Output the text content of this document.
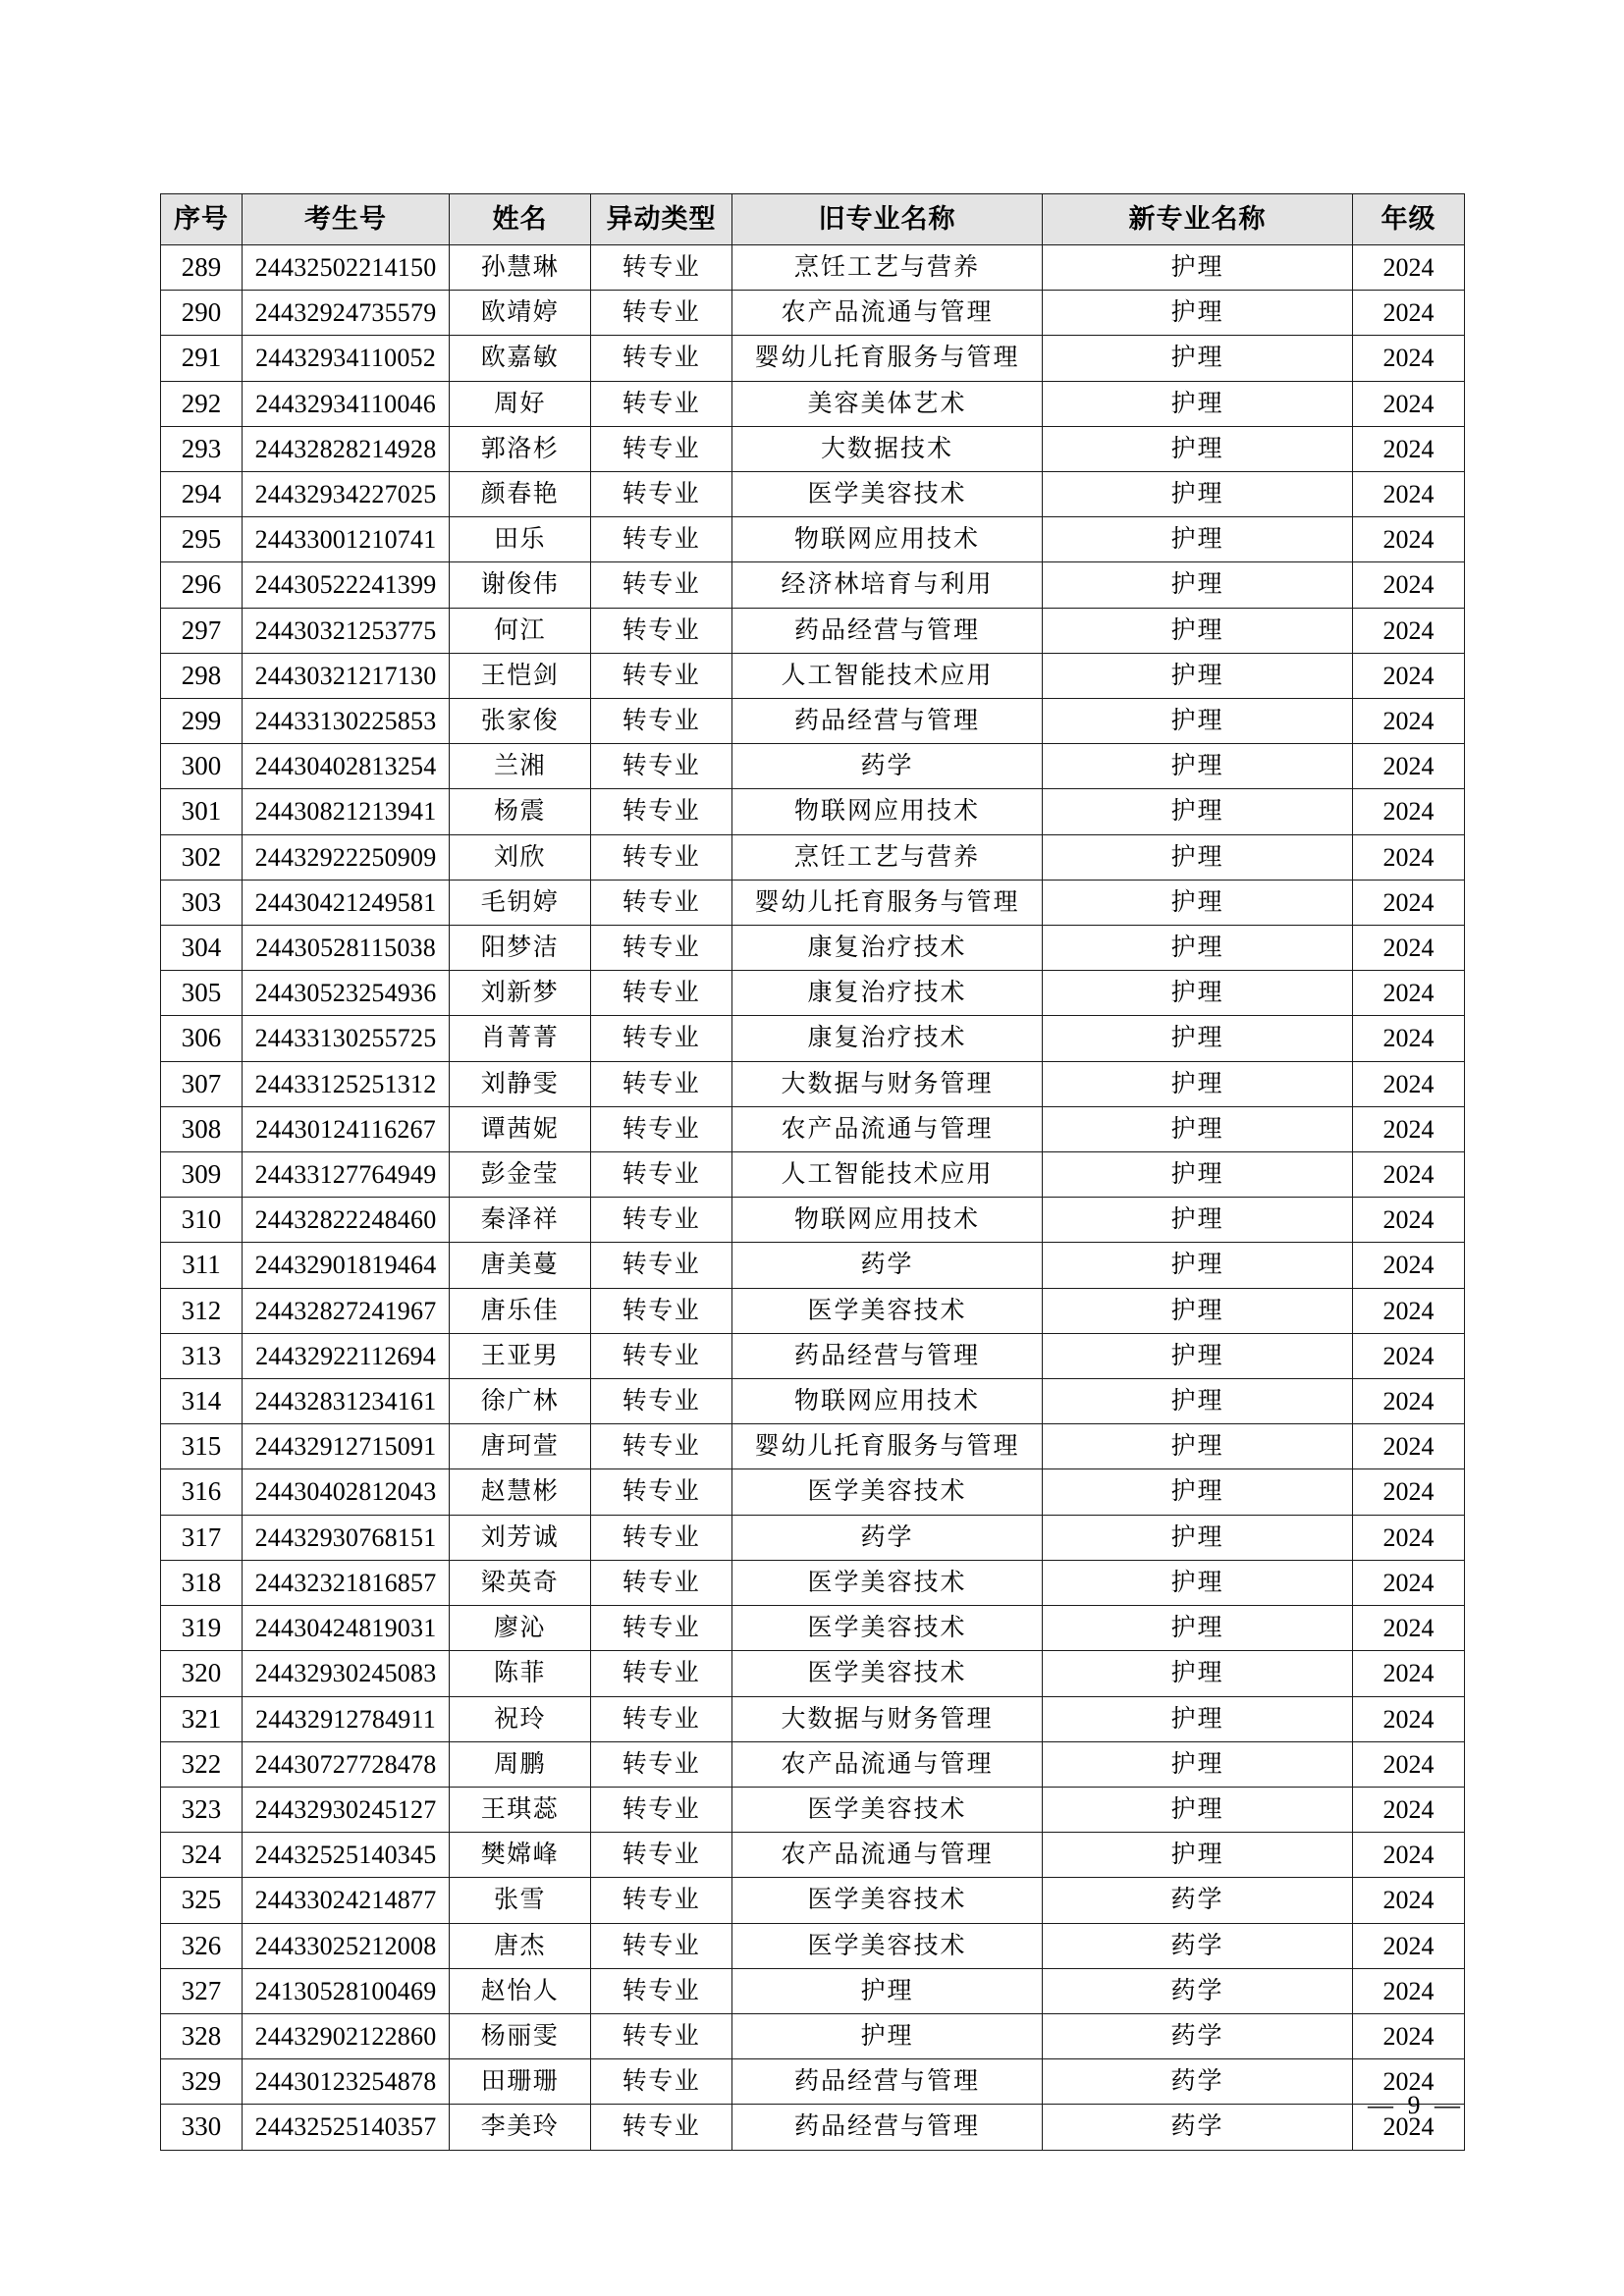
序号	考生号	姓名	异动类型	旧专业名称	新专业名称	年级
289	24432502214150	孙慧琳	转专业	烹饪工艺与营养	护理	2024
290	24432924735579	欧靖婷	转专业	农产品流通与管理	护理	2024
291	24432934110052	欧嘉敏	转专业	婴幼儿托育服务与管理	护理	2024
292	24432934110046	周好	转专业	美容美体艺术	护理	2024
293	24432828214928	郭洛杉	转专业	大数据技术	护理	2024
294	24432934227025	颜春艳	转专业	医学美容技术	护理	2024
295	24433001210741	田乐	转专业	物联网应用技术	护理	2024
296	24430522241399	谢俊伟	转专业	经济林培育与利用	护理	2024
297	24430321253775	何江	转专业	药品经营与管理	护理	2024
298	24430321217130	王恺剑	转专业	人工智能技术应用	护理	2024
299	24433130225853	张家俊	转专业	药品经营与管理	护理	2024
300	24430402813254	兰湘	转专业	药学	护理	2024
301	24430821213941	杨震	转专业	物联网应用技术	护理	2024
302	24432922250909	刘欣	转专业	烹饪工艺与营养	护理	2024
303	24430421249581	毛钥婷	转专业	婴幼儿托育服务与管理	护理	2024
304	24430528115038	阳梦洁	转专业	康复治疗技术	护理	2024
305	24430523254936	刘新梦	转专业	康复治疗技术	护理	2024
306	24433130255725	肖菁菁	转专业	康复治疗技术	护理	2024
307	24433125251312	刘静雯	转专业	大数据与财务管理	护理	2024
308	24430124116267	谭茜妮	转专业	农产品流通与管理	护理	2024
309	24433127764949	彭金莹	转专业	人工智能技术应用	护理	2024
310	24432822248460	秦泽祥	转专业	物联网应用技术	护理	2024
311	24432901819464	唐美蔓	转专业	药学	护理	2024
312	24432827241967	唐乐佳	转专业	医学美容技术	护理	2024
313	24432922112694	王亚男	转专业	药品经营与管理	护理	2024
314	24432831234161	徐广林	转专业	物联网应用技术	护理	2024
315	24432912715091	唐珂萱	转专业	婴幼儿托育服务与管理	护理	2024
316	24430402812043	赵慧彬	转专业	医学美容技术	护理	2024
317	24432930768151	刘芳诚	转专业	药学	护理	2024
318	24432321816857	梁英奇	转专业	医学美容技术	护理	2024
319	24430424819031	廖沁	转专业	医学美容技术	护理	2024
320	24432930245083	陈菲	转专业	医学美容技术	护理	2024
321	24432912784911	祝玲	转专业	大数据与财务管理	护理	2024
322	24430727728478	周鹏	转专业	农产品流通与管理	护理	2024
323	24432930245127	王琪蕊	转专业	医学美容技术	护理	2024
324	24432525140345	樊嫦峰	转专业	农产品流通与管理	护理	2024
325	24433024214877	张雪	转专业	医学美容技术	药学	2024
326	24433025212008	唐杰	转专业	医学美容技术	药学	2024
327	24130528100469	赵怡人	转专业	护理	药学	2024
328	24432902122860	杨丽雯	转专业	护理	药学	2024
329	24430123254878	田珊珊	转专业	药品经营与管理	药学	2024
330	24432525140357	李美玲	转专业	药品经营与管理	药学	2024
— 9 —
